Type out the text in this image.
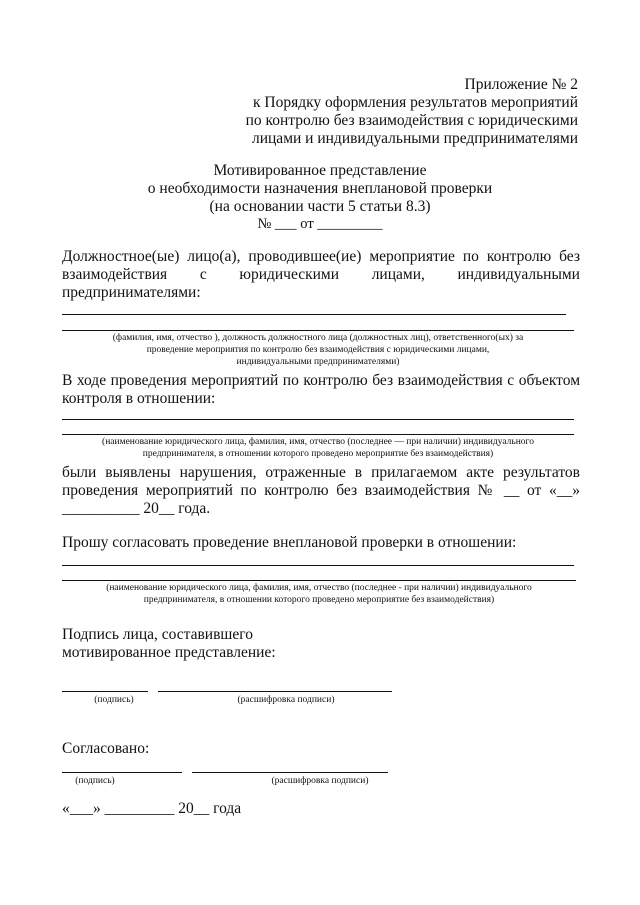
Приложение № 2
к Порядку оформления результатов мероприятий
по контролю без взаимодействия с юридическими
лицами и индивидуальными предпринимателями
Мотивированное представление
о необходимости назначения внеплановой проверки
(на основании части 5 статьи 8.3)
№ ___ от _________
Должностное(ые) лицо(а), проводившее(ие) мероприятие по контролю без
взаимодействия с юридическими лицами, индивидуальными
предпринимателями:
(фамилия, имя, отчество ), должность должностного лица (должностных лиц), ответственного(ых) за
проведение мероприятия по контролю без взаимодействия с юридическими лицами,
индивидуальными предпринимателями)
В ходе проведения мероприятий по контролю без взаимодействия с объектом
контроля в отношении:
(наименование юридического лица, фамилия, имя, отчество (последнее — при наличии) индивидуального
предпринимателя, в отношении которого проведено мероприятие без взаимодействия)
были выявлены нарушения, отраженные в прилагаемом акте результатов
проведения мероприятий по контролю без взаимодействия № __ от «__»
__________ 20__ года.
Прошу согласовать проведение внеплановой проверки в отношении:
(наименование юридического лица, фамилия, имя, отчество (последнее - при наличии) индивидуального
предпринимателя, в отношении которого проведено мероприятие без взаимодействия)
Подпись лица, составившего
мотивированное представление:
(подпись)	(расшифровка подписи)
Согласовано:
(подпись)	(расшифровка подписи)
«___» _________ 20__ года
